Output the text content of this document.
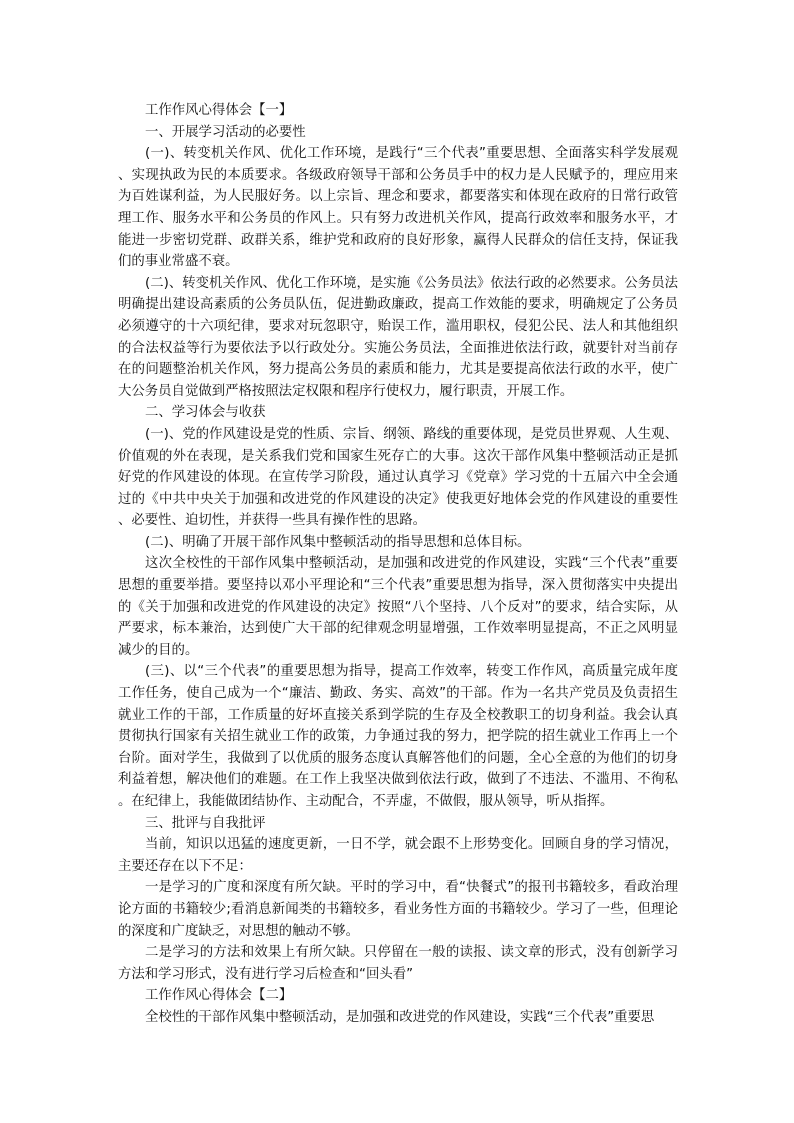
工作作风心得体会【一】

一、开展学习活动的必要性

(一)、转变机关作风、优化工作环境，是践行“三个代表”重要思想、全面落实科学发展观、实现执政为民的本质要求。各级政府领导干部和公务员手中的权力是人民赋予的，理应用来为百姓谋利益，为人民服好务。以上宗旨、理念和要求，都要落实和体现在政府的日常行政管理工作、服务水平和公务员的作风上。只有努力改进机关作风，提高行政效率和服务水平，才能进一步密切党群、政群关系，维护党和政府的良好形象，赢得人民群众的信任支持，保证我们的事业常盛不衰。

(二)、转变机关作风、优化工作环境，是实施《公务员法》依法行政的必然要求。公务员法明确提出建设高素质的公务员队伍，促进勤政廉政，提高工作效能的要求，明确规定了公务员必须遵守的十六项纪律，要求对玩忽职守，贻误工作，滥用职权，侵犯公民、法人和其他组织的合法权益等行为要依法予以行政处分。实施公务员法，全面推进依法行政，就要针对当前存在的问题整治机关作风，努力提高公务员的素质和能力，尤其是要提高依法行政的水平，使广大公务员自觉做到严格按照法定权限和程序行使权力，履行职责，开展工作。

二、学习体会与收获

(一)、党的作风建设是党的性质、宗旨、纲领、路线的重要体现，是党员世界观、人生观、价值观的外在表现，是关系我们党和国家生死存亡的大事。这次干部作风集中整顿活动正是抓好党的作风建设的体现。在宣传学习阶段，通过认真学习《党章》学习党的十五届六中全会通过的《中共中央关于加强和改进党的作风建设的决定》使我更好地体会党的作风建设的重要性、必要性、迫切性，并获得一些具有操作性的思路。

(二)、明确了开展干部作风集中整顿活动的指导思想和总体目标。

这次全校性的干部作风集中整顿活动，是加强和改进党的作风建设，实践“三个代表”重要思想的重要举措。要坚持以邓小平理论和“三个代表”重要思想为指导，深入贯彻落实中央提出的《关于加强和改进党的作风建设的决定》按照“八个坚持、八个反对”的要求，结合实际，从严要求，标本兼治，达到使广大干部的纪律观念明显增强，工作效率明显提高，不正之风明显减少的目的。

(三)、以“三个代表”的重要思想为指导，提高工作效率，转变工作作风，高质量完成年度工作任务，使自己成为一个“廉洁、勤政、务实、高效”的干部。作为一名共产党员及负责招生就业工作的干部，工作质量的好坏直接关系到学院的生存及全校教职工的切身利益。我会认真贯彻执行国家有关招生就业工作的政策，力争通过我的努力，把学院的招生就业工作再上一个台阶。面对学生，我做到了以优质的服务态度认真解答他们的问题，全心全意的为他们的切身利益着想，解决他们的难题。在工作上我坚决做到依法行政，做到了不违法、不滥用、不徇私。在纪律上，我能做团结协作、主动配合，不弄虚，不做假，服从领导，听从指挥。

三、批评与自我批评

当前，知识以迅猛的速度更新，一日不学，就会跟不上形势变化。回顾自身的学习情况，主要还存在以下不足：

一是学习的广度和深度有所欠缺。平时的学习中，看“快餐式”的报刊书籍较多，看政治理论方面的书籍较少;看消息新闻类的书籍较多，看业务性方面的书籍较少。学习了一些，但理论的深度和广度缺乏，对思想的触动不够。

二是学习的方法和效果上有所欠缺。只停留在一般的读报、读文章的形式，没有创新学习方法和学习形式，没有进行学习后检查和“回头看”

工作作风心得体会【二】

全校性的干部作风集中整顿活动，是加强和改进党的作风建设，实践“三个代表”重要思
